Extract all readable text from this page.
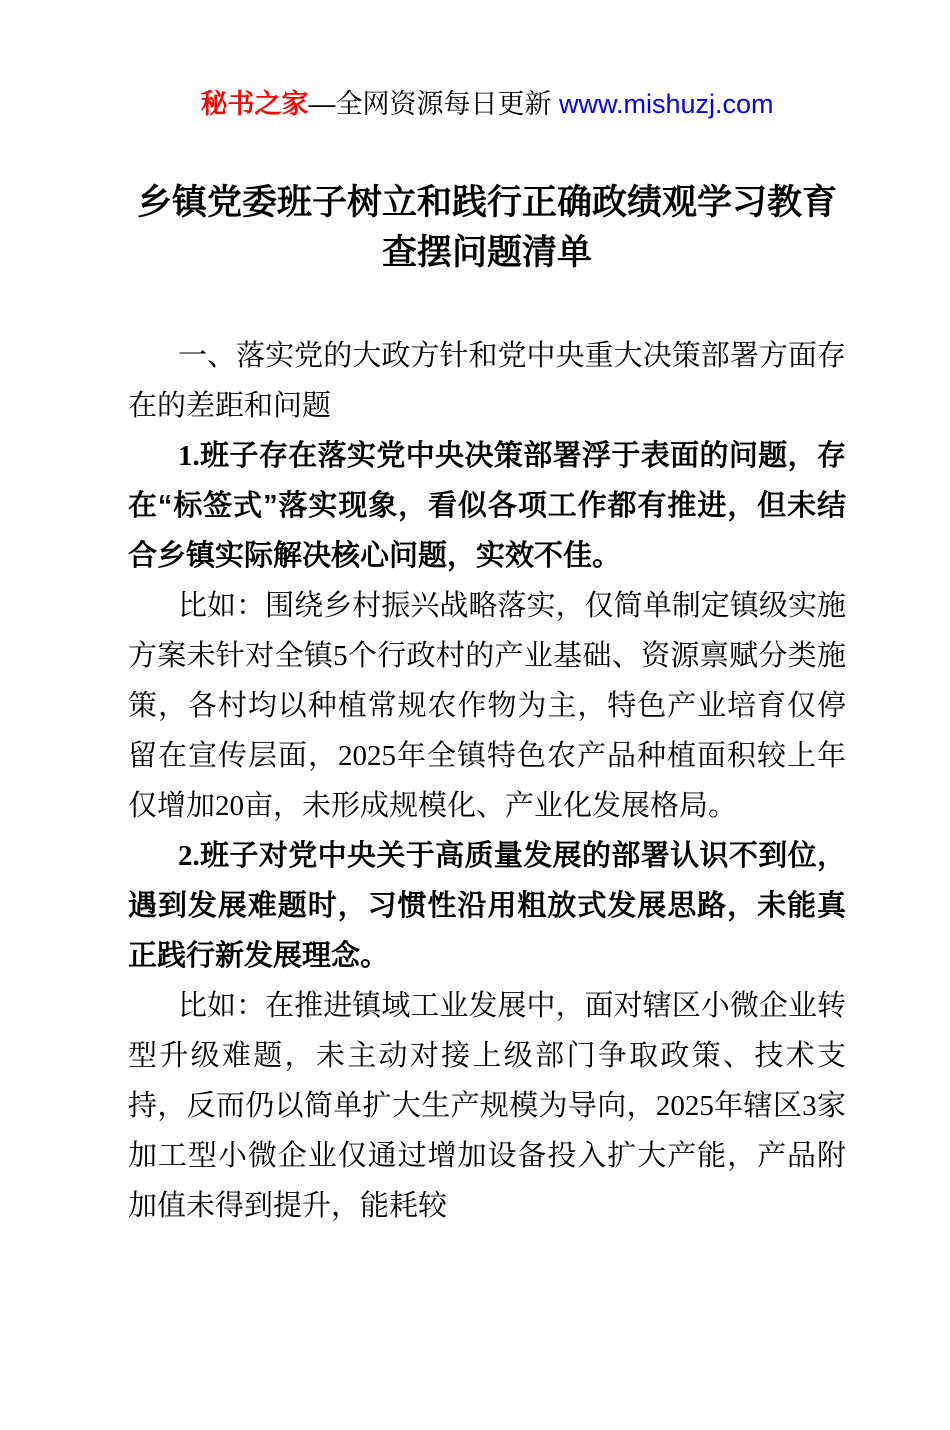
秘书之家—全网资源每日更新 www.mishuzj.com
乡镇党委班子树立和践行正确政绩观学习教育查摆问题清单

一、落实党的大政方针和党中央重大决策部署方面存在的差距和问题

1.班子存在落实党中央决策部署浮于表面的问题，存在“标签式”落实现象，看似各项工作都有推进，但未结合乡镇实际解决核心问题，实效不佳。

比如：围绕乡村振兴战略落实，仅简单制定镇级实施方案未针对全镇5个行政村的产业基础、资源禀赋分类施策，各村均以种植常规农作物为主，特色产业培育仅停留在宣传层面，2025年全镇特色农产品种植面积较上年仅增加20亩，未形成规模化、产业化发展格局。

2.班子对党中央关于高质量发展的部署认识不到位，遇到发展难题时，习惯性沿用粗放式发展思路，未能真正践行新发展理念。

比如：在推进镇域工业发展中，面对辖区小微企业转型升级难题，未主动对接上级部门争取政策、技术支持，反而仍以简单扩大生产规模为导向，2025年辖区3家加工型小微企业仅通过增加设备投入扩大产能，产品附加值未得到提升，能耗较
